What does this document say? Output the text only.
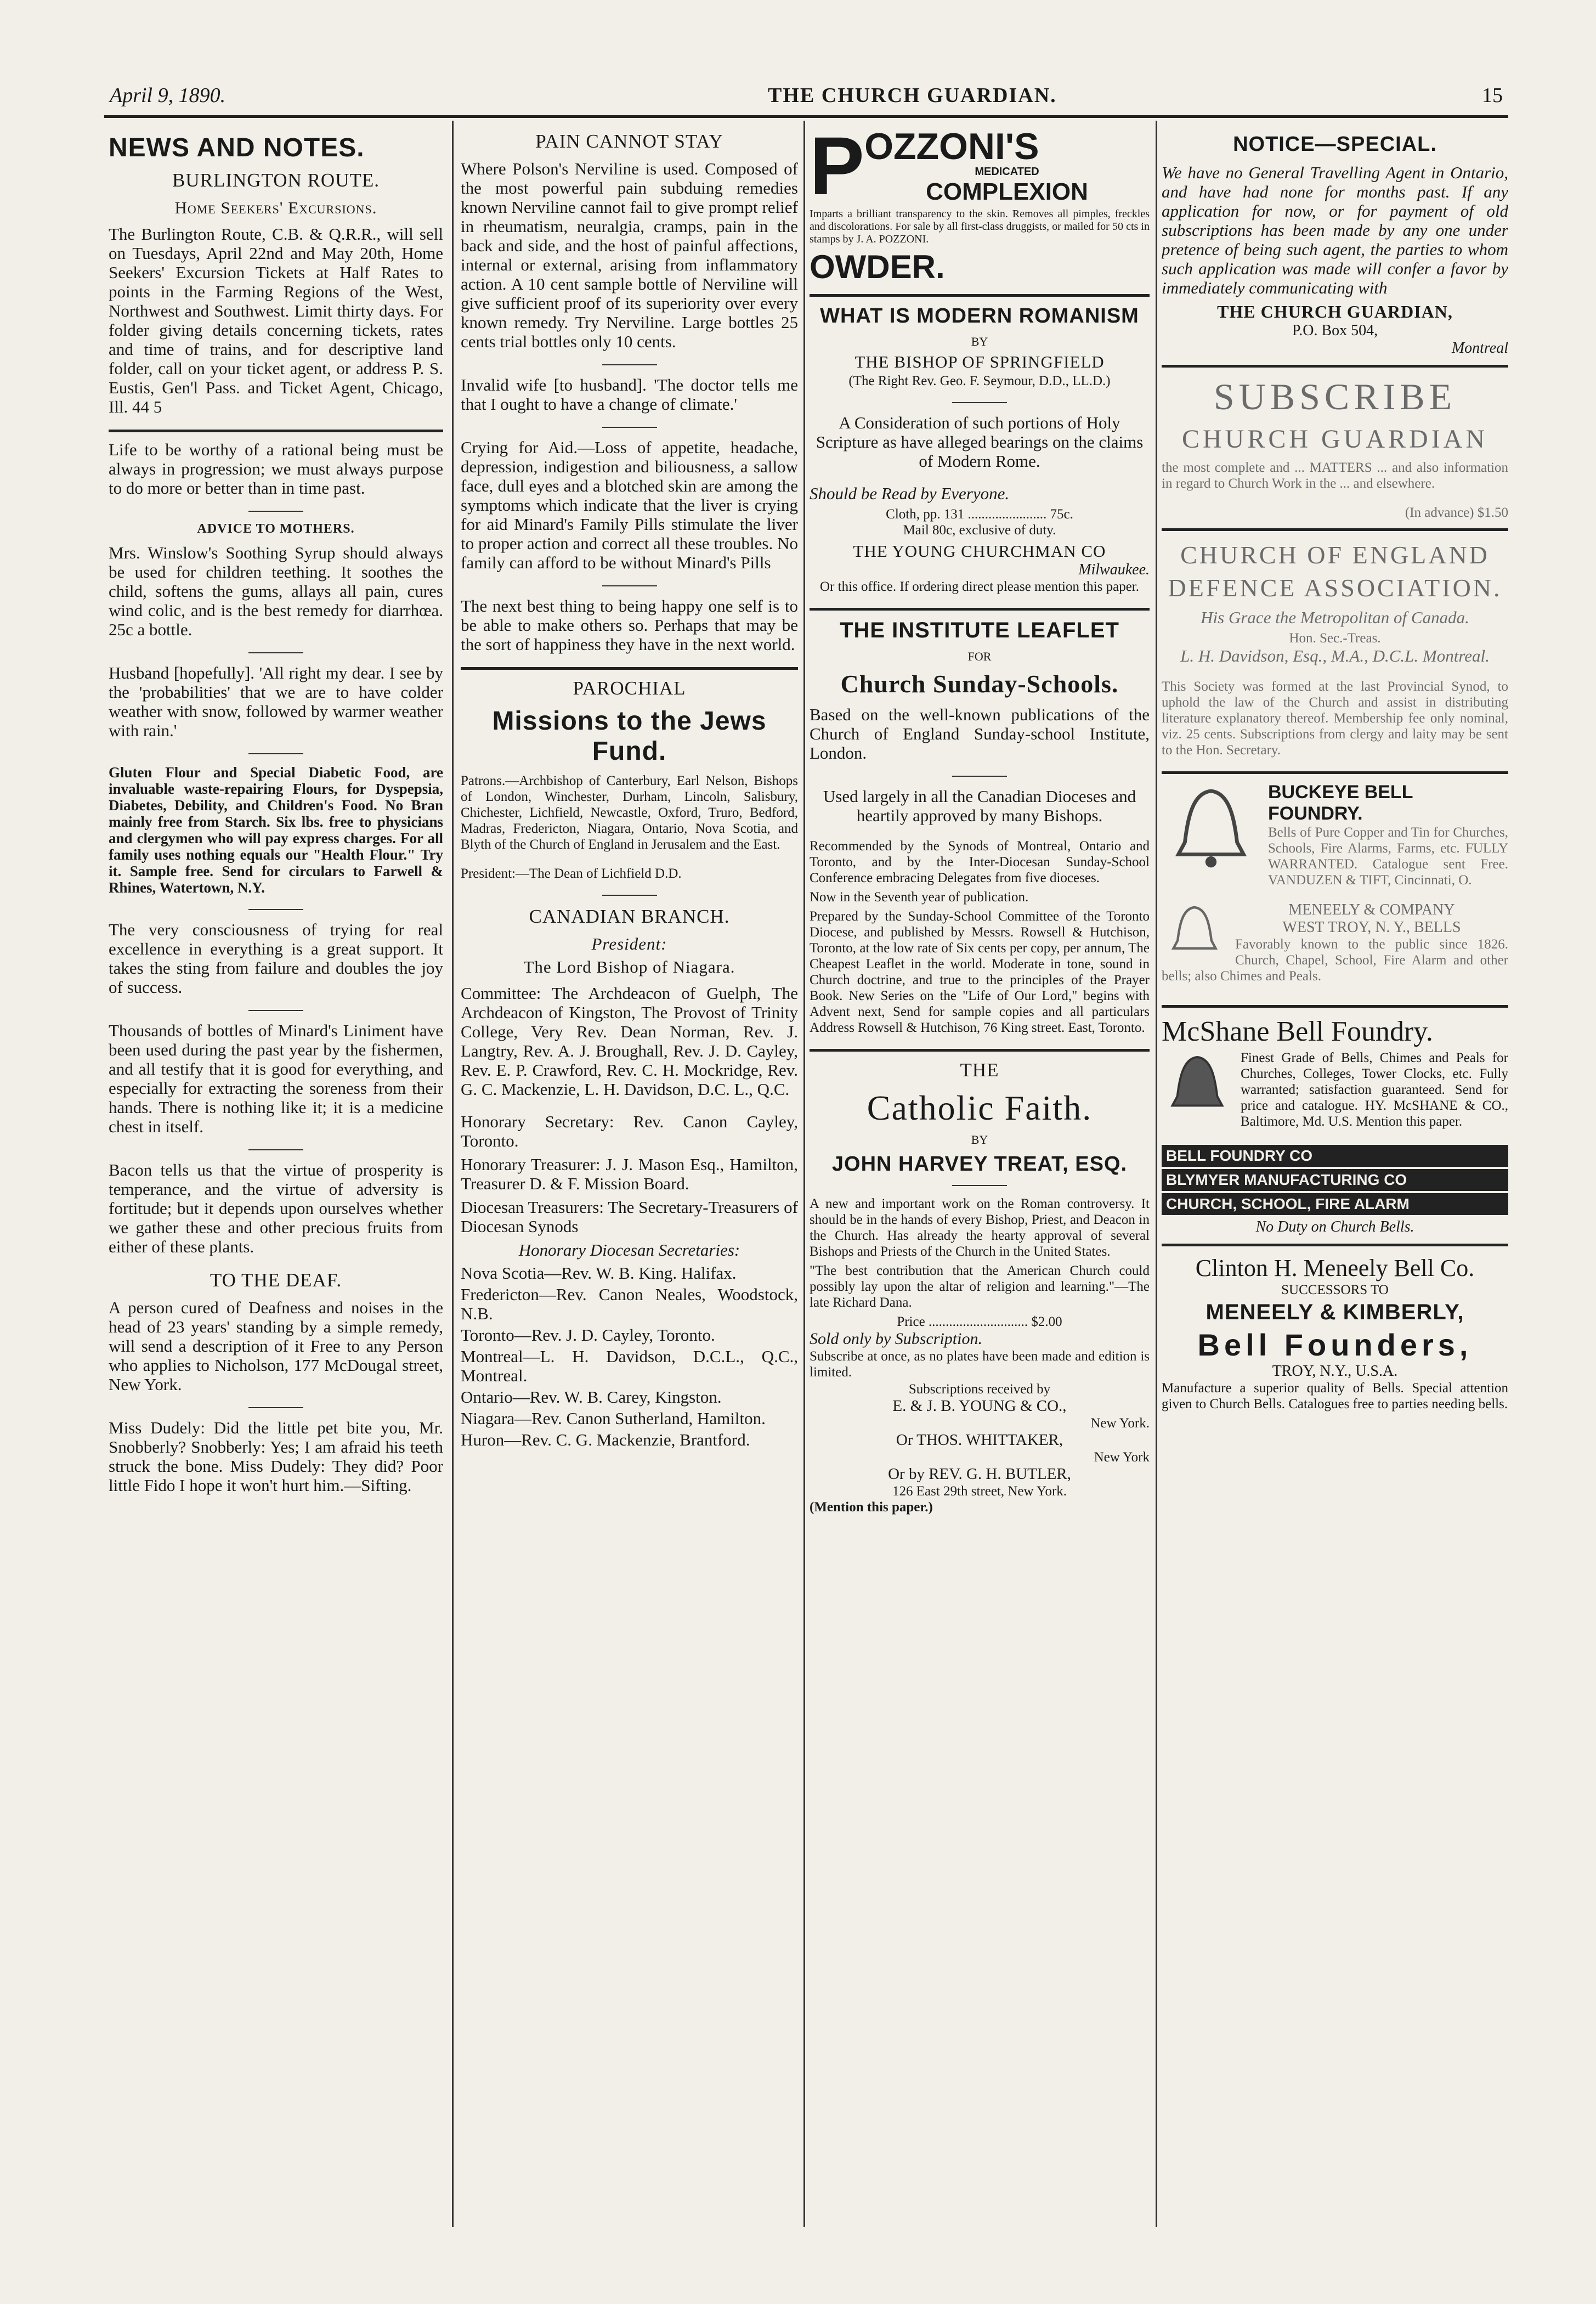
April 9, 1890.	THE CHURCH GUARDIAN.	15
NEWS AND NOTES.
BURLINGTON ROUTE.
Home Seekers' Excursions.

The Burlington Route, C.B. & Q.R.R., will sell on Tuesdays, April 22nd and May 20th, Home Seekers' Excursion Tickets at Half Rates to points in the Farming Regions of the West, Northwest and Southwest. Limit thirty days. For folder giving details concerning tickets, rates and time of trains, and for descriptive land folder, call on your ticket agent, or address P. S. Eustis, Gen'l Pass. and Ticket Agent, Chicago, Ill. 44 5

Life to be worthy of a rational being must be always in progression; we must always purpose to do more or better than in time past.

ADVICE TO MOTHERS.

Mrs. Winslow's Soothing Syrup should always be used for children teething. It soothes the child, softens the gums, allays all pain, cures wind colic, and is the best remedy for diarrhœa. 25c a bottle.

Husband [hopefully]. 'All right my dear. I see by the 'probabilities' that we are to have colder weather with snow, followed by warmer weather with rain.'

Gluten Flour and Special Diabetic Food, are invaluable waste-repairing Flours, for Dyspepsia, Diabetes, Debility, and Children's Food. No Bran mainly free from Starch. Six lbs. free to physicians and clergymen who will pay express charges. For all family uses nothing equals our "Health Flour." Try it. Sample free. Send for circulars to Farwell & Rhines, Watertown, N.Y.

The very consciousness of trying for real excellence in everything is a great support. It takes the sting from failure and doubles the joy of success.

Thousands of bottles of Minard's Liniment have been used during the past year by the fishermen, and all testify that it is good for everything, and especially for extracting the soreness from their hands. There is nothing like it; it is a medicine chest in itself.

Bacon tells us that the virtue of prosperity is temperance, and the virtue of adversity is fortitude; but it depends upon ourselves whether we gather these and other precious fruits from either of these plants.

TO THE DEAF.

A person cured of Deafness and noises in the head of 23 years' standing by a simple remedy, will send a description of it Free to any Person who applies to Nicholson, 177 McDougal street, New York.

Miss Dudely: Did the little pet bite you, Mr. Snobberly? Snobberly: Yes; I am afraid his teeth struck the bone. Miss Dudely: They did? Poor little Fido I hope it won't hurt him.—Sifting.

PAIN CANNOT STAY

Where Polson's Nerviline is used. Composed of the most powerful pain subduing remedies known Nerviline cannot fail to give prompt relief in rheumatism, neuralgia, cramps, pain in the back and side, and the host of painful affections, internal or external, arising from inflammatory action. A 10 cent sample bottle of Nerviline will give sufficient proof of its superiority over every known remedy. Try Nerviline. Large bottles 25 cents trial bottles only 10 cents.

Invalid wife [to husband]. 'The doctor tells me that I ought to have a change of climate.'

Crying for Aid.—Loss of appetite, headache, depression, indigestion and biliousness, a sallow face, dull eyes and a blotched skin are among the symptoms which indicate that the liver is crying for aid Minard's Family Pills stimulate the liver to proper action and correct all these troubles. No family can afford to be without Minard's Pills

The next best thing to being happy one self is to be able to make others so. Perhaps that may be the sort of happiness they have in the next world.

PAROCHIAL
Missions to the Jews Fund.

Patrons.—Archbishop of Canterbury, Earl Nelson, Bishops of London, Winchester, Durham, Lincoln, Salisbury, Chichester, Lichfield, Newcastle, Oxford, Truro, Bedford, Madras, Fredericton, Niagara, Ontario, Nova Scotia, and Blyth of the Church of England in Jerusalem and the East.

President:—The Dean of Lichfield D.D.

CANADIAN BRANCH.
President:
The Lord Bishop of Niagara.

Committee: The Archdeacon of Guelph, The Archdeacon of Kingston, The Provost of Trinity College, Very Rev. Dean Norman, Rev. J. Langtry, Rev. A. J. Broughall, Rev. J. D. Cayley, Rev. E. P. Crawford, Rev. C. H. Mockridge, Rev. G. C. Mackenzie, L. H. Davidson, D.C. L., Q.C.

Honorary Secretary: Rev. Canon Cayley, Toronto.

Honorary Treasurer: J. J. Mason Esq., Hamilton, Treasurer D. & F. Mission Board.

Diocesan Treasurers: The Secretary-Treasurers of Diocesan Synods

Honorary Diocesan Secretaries:

Nova Scotia—Rev. W. B. King. Halifax.

Fredericton—Rev. Canon Neales, Woodstock, N.B.

Toronto—Rev. J. D. Cayley, Toronto.

Montreal—L. H. Davidson, D.C.L., Q.C., Montreal.

Ontario—Rev. W. B. Carey, Kingston.

Niagara—Rev. Canon Sutherland, Hamilton.

Huron—Rev. C. G. Mackenzie, Brantford.

P OZZONI'S
MEDICATED
COMPLEXION

Imparts a brilliant transparency to the skin. Removes all pimples, freckles and discolorations. For sale by all first-class druggists, or mailed for 50 cts in stamps by J. A. POZZONI.

OWDER.
WHAT IS MODERN ROMANISM
BY
THE BISHOP OF SPRINGFIELD

(The Right Rev. Geo. F. Seymour, D.D., LL.D.)

A Consideration of such portions of Holy Scripture as have alleged bearings on the claims of Modern Rome.

Should be Read by Everyone.

Cloth, pp. 131 ....................... 75c.
Mail 80c, exclusive of duty.
THE YOUNG CHURCHMAN CO
Milwaukee.

Or this office. If ordering direct please mention this paper.

THE INSTITUTE LEAFLET
FOR
Church Sunday-Schools.

Based on the well-known publications of the Church of England Sunday-school Institute, London.

Used largely in all the Canadian Dioceses and heartily approved by many Bishops.

Recommended by the Synods of Montreal, Ontario and Toronto, and by the Inter-Diocesan Sunday-School Conference embracing Delegates from five dioceses.

Now in the Seventh year of publication.

Prepared by the Sunday-School Committee of the Toronto Diocese, and published by Messrs. Rowsell & Hutchison, Toronto, at the low rate of Six cents per copy, per annum, The Cheapest Leaflet in the world. Moderate in tone, sound in Church doctrine, and true to the principles of the Prayer Book. New Series on the "Life of Our Lord," begins with Advent next, Send for sample copies and all particulars Address Rowsell & Hutchison, 76 King street. East, Toronto.

THE
Catholic Faith.
BY
JOHN HARVEY TREAT, ESQ.

A new and important work on the Roman controversy. It should be in the hands of every Bishop, Priest, and Deacon in the Church. Has already the hearty approval of several Bishops and Priests of the Church in the United States.

"The best contribution that the American Church could possibly lay upon the altar of religion and learning."—The late Richard Dana.

Price ............................. $2.00
Sold only by Subscription.

Subscribe at once, as no plates have been made and edition is limited.

Subscriptions received by
E. & J. B. YOUNG & CO.,
New York.
Or THOS. WHITTAKER,
New York
Or by REV. G. H. BUTLER,
126 East 29th street, New York.
(Mention this paper.)
NOTICE—SPECIAL.

We have no General Travelling Agent in Ontario, and have had none for months past. If any application for now, or for payment of old subscriptions has been made by any one under pretence of being such agent, the parties to whom such application was made will confer a favor by immediately communicating with

THE CHURCH GUARDIAN,
P.O. Box 504,
Montreal
SUBSCRIBE
CHURCH GUARDIAN

the most complete and ... MATTERS ... and also information in regard to Church Work in the ... and elsewhere.

(In advance) $1.50
CHURCH OF ENGLAND DEFENCE ASSOCIATION.

His Grace the Metropolitan of Canada.

Hon. Sec.-Treas.

L. H. Davidson, Esq., M.A., D.C.L. Montreal.

This Society was formed at the last Provincial Synod, to uphold the law of the Church and assist in distributing literature explanatory thereof. Membership fee only nominal, viz. 25 cents. Subscriptions from clergy and laity may be sent to the Hon. Secretary.

BUCKEYE BELL FOUNDRY.

Bells of Pure Copper and Tin for Churches, Schools, Fire Alarms, Farms, etc. FULLY WARRANTED. Catalogue sent Free. VANDUZEN & TIFT, Cincinnati, O.

MENEELY & COMPANY
WEST TROY, N. Y., BELLS

Favorably known to the public since 1826. Church, Chapel, School, Fire Alarm and other bells; also Chimes and Peals.

McShane Bell Foundry.

Finest Grade of Bells, Chimes and Peals for Churches, Colleges, Tower Clocks, etc. Fully warranted; satisfaction guaranteed. Send for price and catalogue. HY. McSHANE & CO., Baltimore, Md. U.S. Mention this paper.

BELL FOUNDRY CO
BLYMYER MANUFACTURING CO
CHURCH, SCHOOL, FIRE ALARM
No Duty on Church Bells.
Clinton H. Meneely Bell Co.
SUCCESSORS TO
MENEELY & KIMBERLY,
Bell Founders,
TROY, N.Y., U.S.A.

Manufacture a superior quality of Bells. Special attention given to Church Bells. Catalogues free to parties needing bells.
